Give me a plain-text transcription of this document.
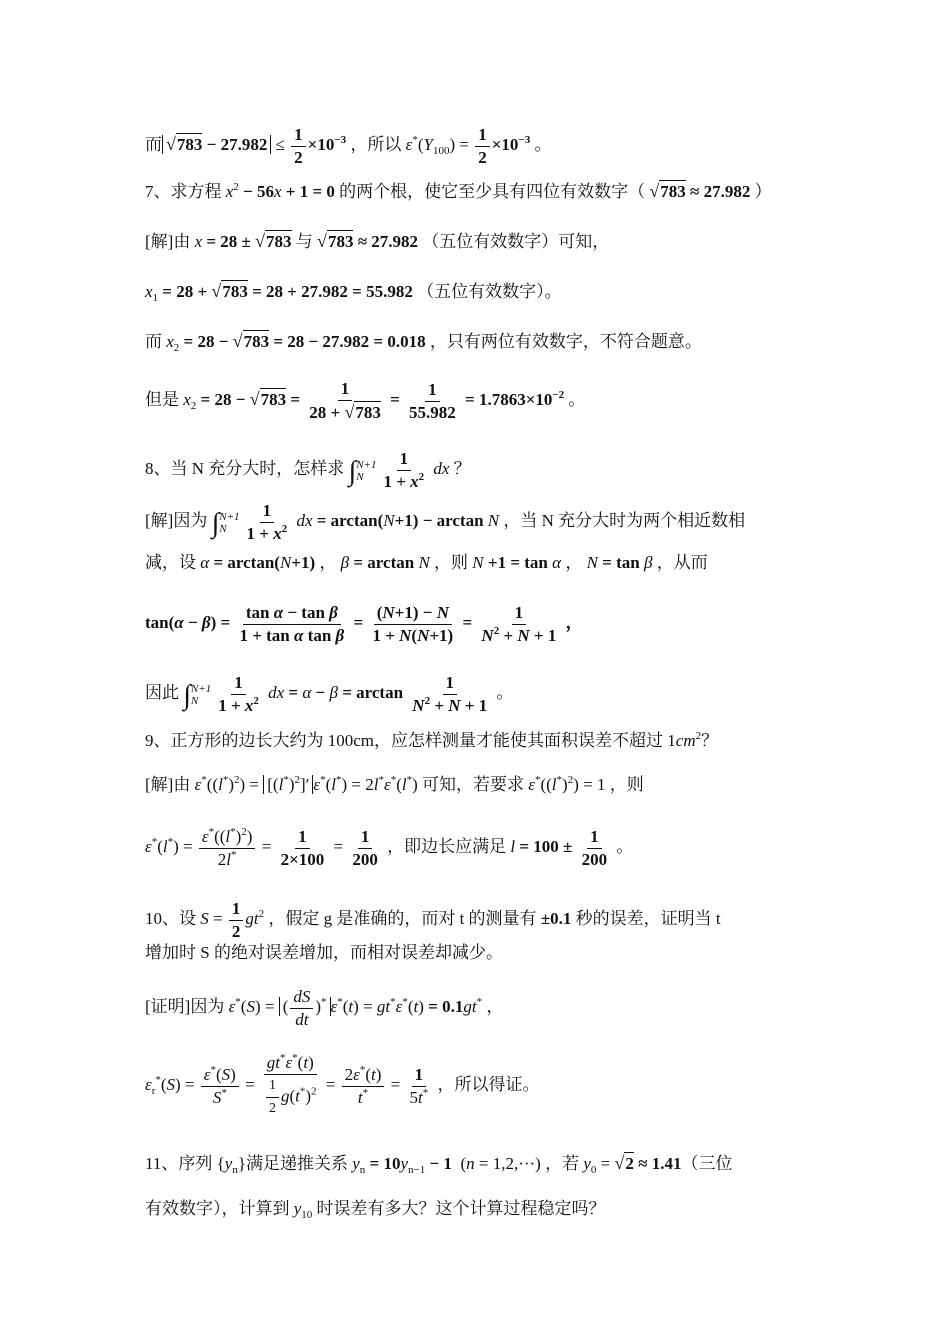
而 $√783 - 27.982 \le \frac{1}{2} \times 10^{-3}$ ，所以 $\varepsilon^*(Y_{100}) = \frac{1}{2} \times 10^{-3}$ 。
7、求方程 $x^2 - 56x + 1 = 0$ 的两个根，使它至少具有四位有效数字（ √783 ≈ 27.982 ）
[解]由 x = 28 ± √783 与 √783 ≈ 27.982 （五位有效数字）可知，
$x_1 = 28 + √783 = 28 + 27.982 = 55.982$ （五位有效数字）。
而 $x_2 = 28 - √783 = 28 - 27.982 = 0.018$ ，只有两位有效数字，不符合题意。
但是 $x_2 = 28 - √783 = \frac{1}{28 + √783} = \frac{1}{55.982} = 1.7863\times 10^{-2}$ 。
8、当 N 充分大时，怎样求 ∫ N+1
N $\frac{1}{1 + x^2}$ dx ？
[解]因为 ∫ N+1
N $\frac{1}{1 + x^2}$ dx = arctan(N+1) − arctan N ，当 N 充分大时为两个相近数相
减，设 α = arctan(N+1) ， β = arctan N ，则 N +1 = tan α ， N = tan β ，从而
$\tan(\alpha - \beta) = \frac{\text{tan α − tan β}}{\text{1 + tan α tan β}} = \frac{(N+1) - N}{1 + N(N+1)} = \frac{1}{N^2 + N + 1}$ ，
因此 ∫ N+1
N $\frac{1}{1 + x^2}$ dx = $\alpha - \beta = \arctan \frac{1}{N^2 + N + 1}$ 。
9、正方形的边长大约为 100cm，应怎样测量才能使其面积误差不超过 $1cm^2$？
[解]由 $\varepsilon^*((l^*)^2) = [(l^*)^2]'$ ε*(l*) = 2l*ε*(l*) 可知，若要求 $\varepsilon^*((l^*)^2) = 1$ ，则
$\varepsilon^*(l^*) = \frac{\varepsilon^*((l^*)^2)}{2l^*} = \frac{1}{2\times 100} = \frac{1}{200}$ ，即边长应满足 $l = 100 \pm \frac{1}{200}$ 。
10、设 $S = \frac{1}{2} gt^2$ ，假定 g 是准确的，而对 t 的测量有 ±0.1 秒的误差，证明当 t
增加时 S 的绝对误差增加，而相对误差却减少。
[证明]因为 ε*(S) = ( $\frac{dS}{dt} )^*$ ε*(t) = gt*ε*(t) = 0.1gt* ，
$\varepsilon_r^*(S) = \frac{\varepsilon^*(S)}{S^*} = \frac{gt^*\varepsilon^*(t)}{\frac{1}{2} g(t^*)^2} = \frac{2\varepsilon^*(t)}{t^*} = \frac{1}{5t^*}$ ，所以得证。
11、序列 $\{y_n\}$满足递推关系 $y_n = 10y_{n-1} - 1$  (n = 1,2,···) ，若 $y_0 = √2 \approx 1.41$（三位
有效数字），计算到 $y_{10}$ 时误差有多大？这个计算过程稳定吗？
